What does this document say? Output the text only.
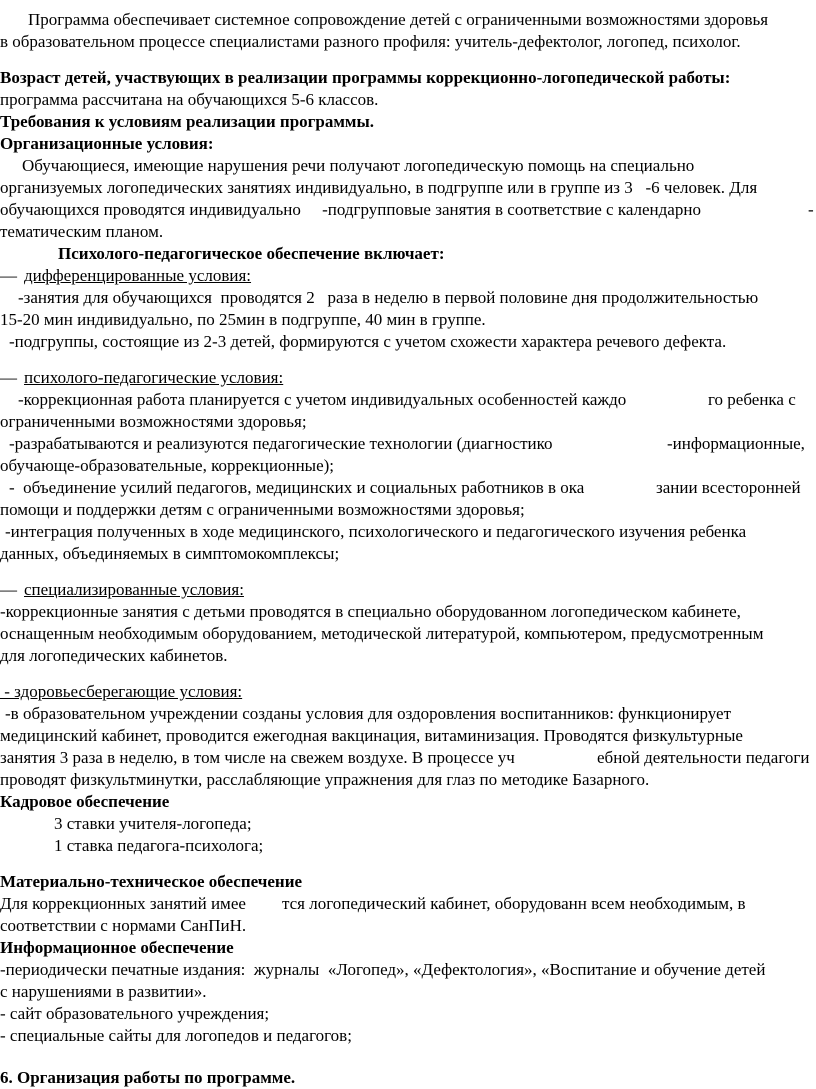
Программа обеспечивает системное сопровождение детей с ограниченными возможностями здоровья
в образовательном процессе специалистами разного профиля: учитель-дефектолог, логопед, психолог.
Возраст детей, участвующих в реализации программы коррекционно-логопедической работы:
программа рассчитана на обучающихся 5-6 классов.
Требования к условиям реализации программы.
Организационные условия:
Обучающиеся, имеющие нарушения речи получают логопедическую помощь на специально
организуемых логопедических занятиях индивидуально, в подгруппе или в группе из 3   -6 человек. Для
обучающихся проводятся индивидуально     -подгрупповые занятия в соответствие с календарно	-
тематическим планом.
Психолого-педагогическое обеспечение включает:
— дифференцированные условия:
-занятия для обучающихся  проводятся 2   раза в неделю в первой половине дня продолжительностью
15-20 мин индивидуально, по 25мин в подгруппе, 40 мин в группе.
-подгруппы, состоящие из 2-3 детей, формируются с учетом схожести характера речевого дефекта.
— психолого-педагогические условия:
-коррекционная работа планируется с учетом индивидуальных особенностей каждо	го ребенка с
ограниченными возможностями здоровья;
-разрабатываются и реализуются педагогические технологии (диагностико	-информационные,
обучающе-образовательные, коррекционные);
-  объединение усилий педагогов, медицинских и социальных работников в ока	зании всесторонней
помощи и поддержки детям с ограниченными возможностями здоровья;
-интеграция полученных в ходе медицинского, психологического и педагогического изучения ребенка
данных, объединяемых в симптомокомплексы;
— специализированные условия:
-коррекционные занятия с детьми проводятся в специально оборудованном логопедическом кабинете,
оснащенным необходимым оборудованием, методической литературой, компьютером, предусмотренным
для логопедических кабинетов.
- здоровьесберегающие условия:
-в образовательном учреждении созданы условия для оздоровления воспитанников: функционирует
медицинский кабинет, проводится ежегодная вакцинация, витаминизация. Проводятся физкультурные
занятия 3 раза в неделю, в том числе на свежем воздухе. В процессе уч	ебной деятельности педагоги
проводят физкультминутки, расслабляющие упражнения для глаз по методике Базарного.
Кадровое обеспечение
3 ставки учителя-логопеда;
1 ставка педагога-психолога;
Материально-техническое обеспечение
Для коррекционных занятий имее тся логопедический кабинет, оборудованн всем необходимым, в
соответствии с нормами СанПиН.
Информационное обеспечение
-периодически печатные издания:  журналы  «Логопед», «Дефектология», «Воспитание и обучение детей
с нарушениями в развитии».
- сайт образовательного учреждения;
- специальные сайты для логопедов и педагогов;
6. Организация работы по программе.
